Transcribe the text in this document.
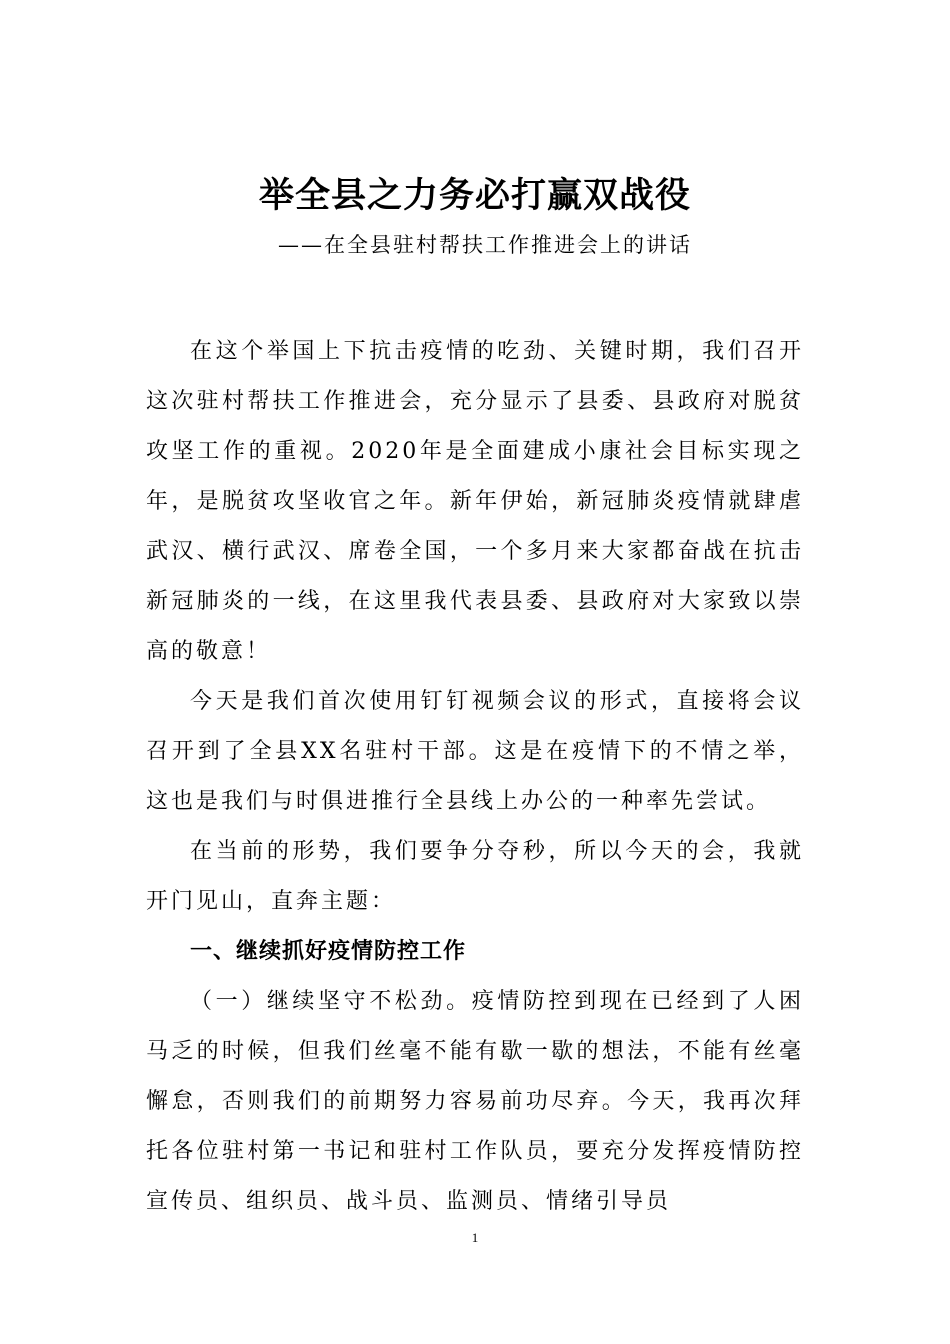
举全县之力务必打赢双战役
——在全县驻村帮扶工作推进会上的讲话

在这个举国上下抗击疫情的吃劲、关键时期，我们召开这次驻村帮扶工作推进会，充分显示了县委、县政府对脱贫攻坚工作的重视。2020年是全面建成小康社会目标实现之年，是脱贫攻坚收官之年。新年伊始，新冠肺炎疫情就肆虐武汉、横行武汉、席卷全国，一个多月来大家都奋战在抗击新冠肺炎的一线，在这里我代表县委、县政府对大家致以崇高的敬意！

今天是我们首次使用钉钉视频会议的形式，直接将会议召开到了全县XX名驻村干部。这是在疫情下的不情之举，这也是我们与时俱进推行全县线上办公的一种率先尝试。

在当前的形势，我们要争分夺秒，所以今天的会，我就开门见山，直奔主题：

一、继续抓好疫情防控工作

（一）继续坚守不松劲。疫情防控到现在已经到了人困马乏的时候，但我们丝毫不能有歇一歇的想法，不能有丝毫懈怠，否则我们的前期努力容易前功尽弃。今天，我再次拜托各位驻村第一书记和驻村工作队员，要充分发挥疫情防控宣传员、组织员、战斗员、监测员、情绪引导员

1
